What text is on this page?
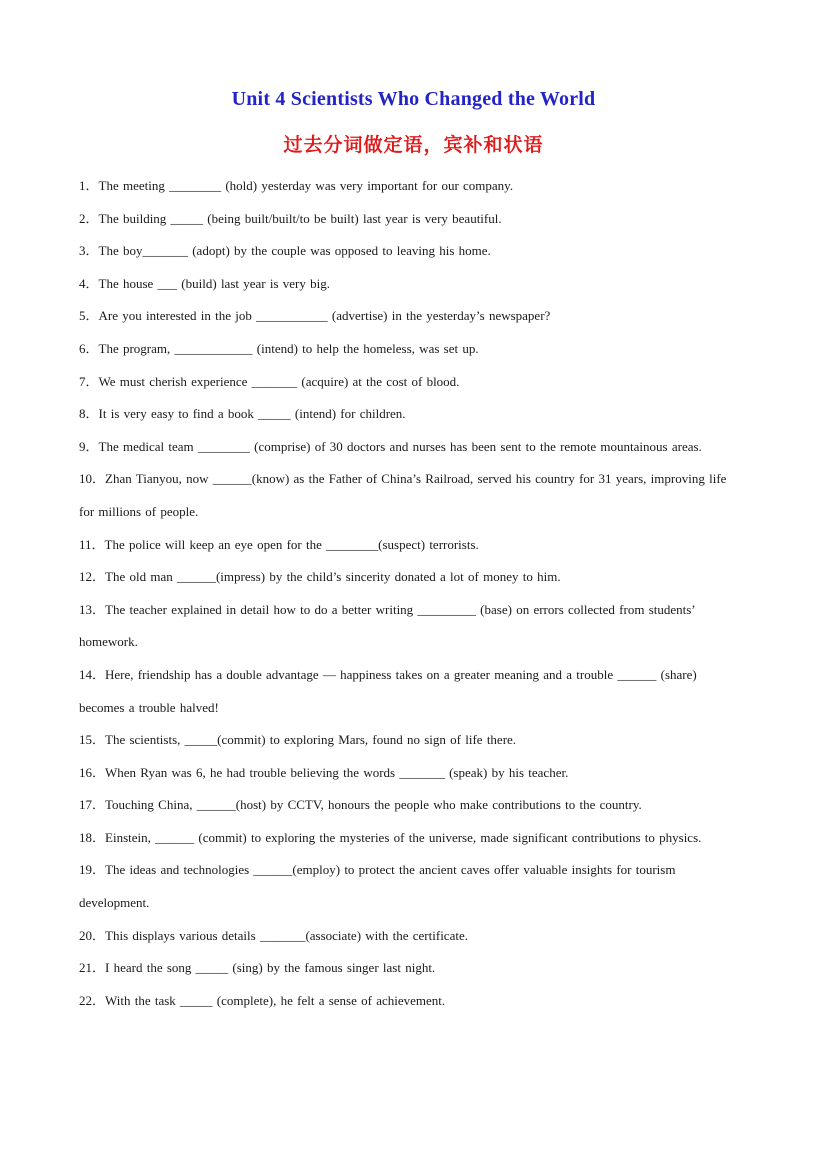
Unit 4 Scientists Who Changed the World
过去分词做定语，宾补和状语
1．The meeting ________ (hold) yesterday was very important for our company.
2．The building _____ (being built/built/to be built) last year is very beautiful.
3．The boy_______ (adopt) by the couple was opposed to leaving his home.
4．The house ___ (build) last year is very big.
5．Are you interested in the job ___________ (advertise) in the yesterday’s newspaper?
6．The program, ____________ (intend) to help the homeless, was set up.
7．We must cherish experience _______ (acquire) at the cost of blood.
8．It is very easy to find a book _____ (intend) for children.
9．The medical team ________ (comprise) of 30 doctors and nurses has been sent to the remote mountainous areas.
10．Zhan Tianyou, now ______(know) as the Father of China’s Railroad, served his country for 31 years, improving life for millions of people.
11．The police will keep an eye open for the ________(suspect) terrorists.
12．The old man ______(impress) by the child’s sincerity donated a lot of money to him.
13．The teacher explained in detail how to do a better writing _________ (base) on errors collected from students’ homework.
14．Here, friendship has a double advantage — happiness takes on a greater meaning and a trouble ______ (share) becomes a trouble halved!
15．The scientists, _____(commit) to exploring Mars, found no sign of life there.
16．When Ryan was 6, he had trouble believing the words _______ (speak) by his teacher.
17．Touching China, ______(host) by CCTV, honours the people who make contributions to the country.
18．Einstein, ______ (commit) to exploring the mysteries of the universe, made significant contributions to physics.
19．The ideas and technologies ______(employ) to protect the ancient caves offer valuable insights for tourism development.
20．This displays various details _______(associate) with the certificate.
21．I heard the song _____ (sing) by the famous singer last night.
22．With the task _____ (complete), he felt a sense of achievement.
